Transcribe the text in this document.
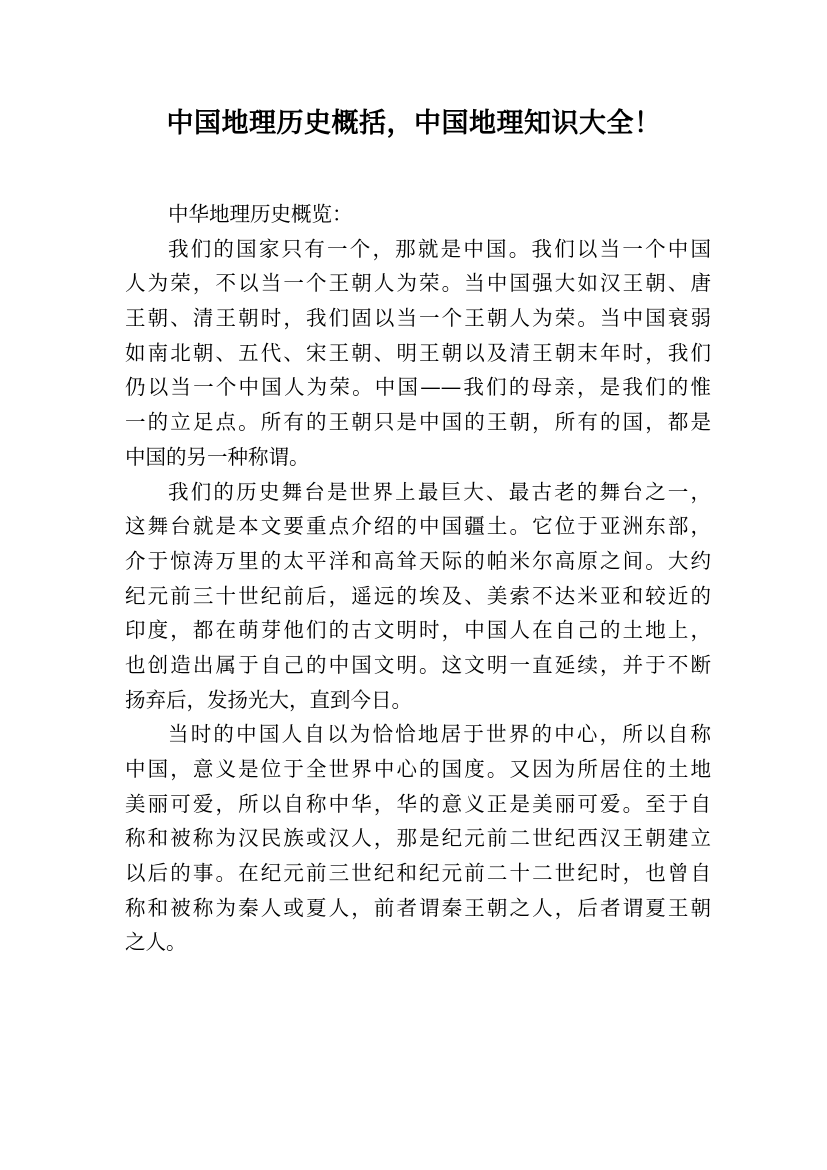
中国地理历史概括，中国地理知识大全！
中华地理历史概览：
我们的国家只有一个，那就是中国。我们以当一个中国
人为荣，不以当一个王朝人为荣。当中国强大如汉王朝、唐
王朝、清王朝时，我们固以当一个王朝人为荣。当中国衰弱
如南北朝、五代、宋王朝、明王朝以及清王朝末年时，我们
仍以当一个中国人为荣。中国——我们的母亲，是我们的惟
一的立足点。所有的王朝只是中国的王朝，所有的国，都是
中国的另一种称谓。
我们的历史舞台是世界上最巨大、最古老的舞台之一，
这舞台就是本文要重点介绍的中国疆土。它位于亚洲东部，
介于惊涛万里的太平洋和高耸天际的帕米尔高原之间。大约
纪元前三十世纪前后，遥远的埃及、美索不达米亚和较近的
印度，都在萌芽他们的古文明时，中国人在自己的土地上，
也创造出属于自己的中国文明。这文明一直延续，并于不断
扬弃后，发扬光大，直到今日。
当时的中国人自以为恰恰地居于世界的中心，所以自称
中国，意义是位于全世界中心的国度。又因为所居住的土地
美丽可爱，所以自称中华，华的意义正是美丽可爱。至于自
称和被称为汉民族或汉人，那是纪元前二世纪西汉王朝建立
以后的事。在纪元前三世纪和纪元前二十二世纪时，也曾自
称和被称为秦人或夏人，前者谓秦王朝之人，后者谓夏王朝
之人。
